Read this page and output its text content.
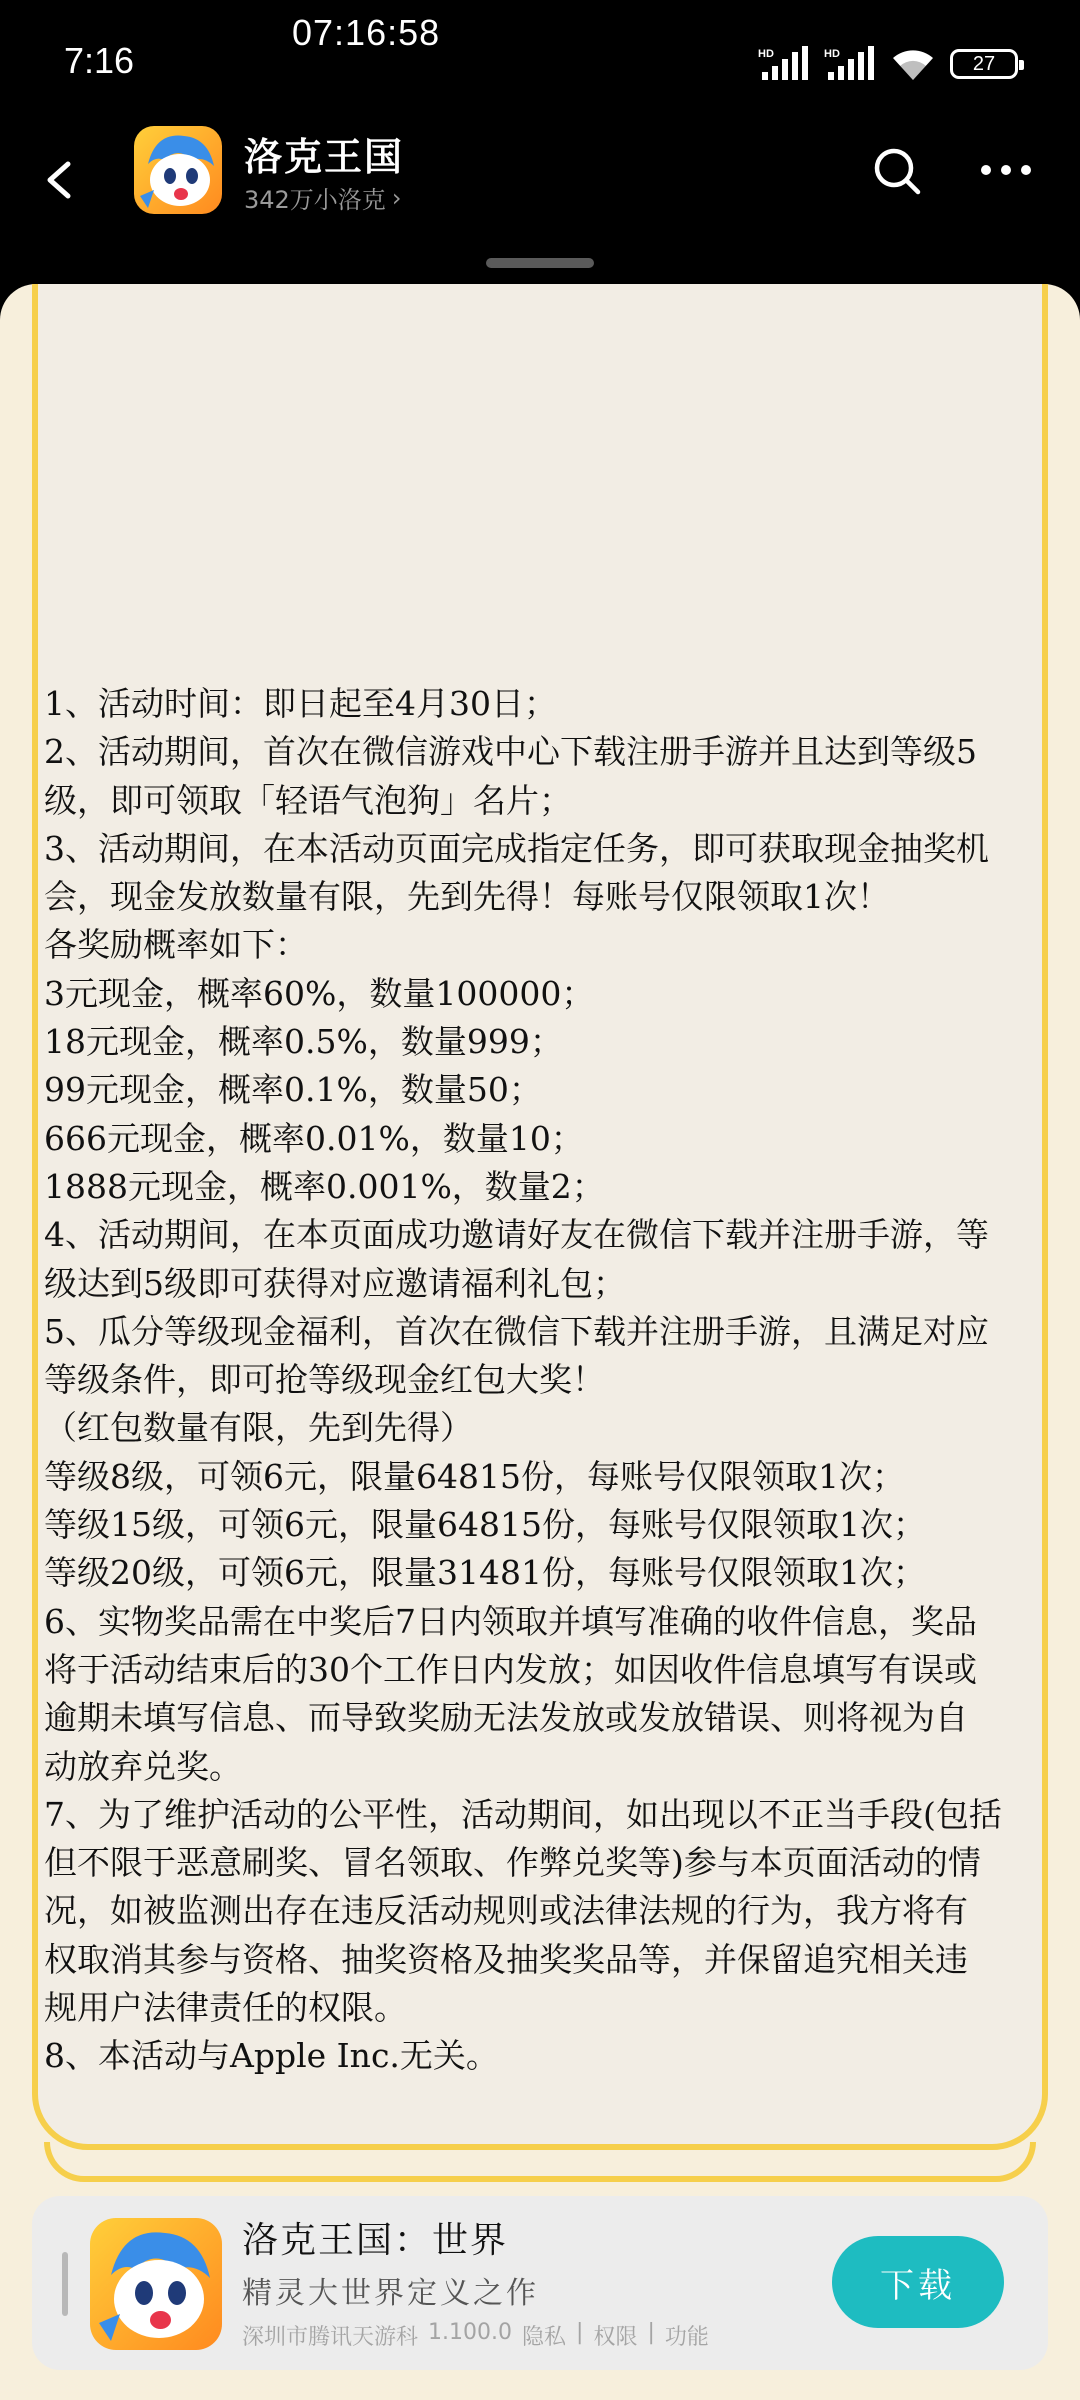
7:16
07:16:58
HD	HD	27
洛克王国
342万小洛克 ›

1、活动时间：即日起至4月30日；

2、活动期间，首次在微信游戏中心下载注册手游并且达到等级5

级，即可领取「轻语气泡狗」名片；

3、活动期间，在本活动页面完成指定任务，即可获取现金抽奖机

会，现金发放数量有限，先到先得！每账号仅限领取1次！

各奖励概率如下：

3元现金，概率60%，数量100000；

18元现金，概率0.5%，数量999；

99元现金，概率0.1%，数量50；

666元现金，概率0.01%，数量10；

1888元现金，概率0.001%，数量2；

4、活动期间，在本页面成功邀请好友在微信下载并注册手游，等

级达到5级即可获得对应邀请福利礼包；

5、瓜分等级现金福利，首次在微信下载并注册手游，且满足对应

等级条件，即可抢等级现金红包大奖！

（红包数量有限，先到先得）

等级8级，可领6元，限量64815份，每账号仅限领取1次；

等级15级，可领6元，限量64815份，每账号仅限领取1次；

等级20级，可领6元，限量31481份，每账号仅限领取1次；

6、实物奖品需在中奖后7日内领取并填写准确的收件信息，奖品

将于活动结束后的30个工作日内发放；如因收件信息填写有误或

逾期未填写信息、而导致奖励无法发放或发放错误、则将视为自

动放弃兑奖。

7、为了维护活动的公平性，活动期间，如出现以不正当手段(包括

但不限于恶意刷奖、冒名领取、作弊兑奖等)参与本页面活动的情

况，如被监测出存在违反活动规则或法律法规的行为，我方将有

权取消其参与资格、抽奖资格及抽奖奖品等，并保留追究相关违

规用户法律责任的权限。

8、本活动与Apple Inc.无关。

洛克王国：世界
精灵大世界定义之作
深圳市腾讯天游科 1.100.0 隐私 | 权限 | 功能
下载
